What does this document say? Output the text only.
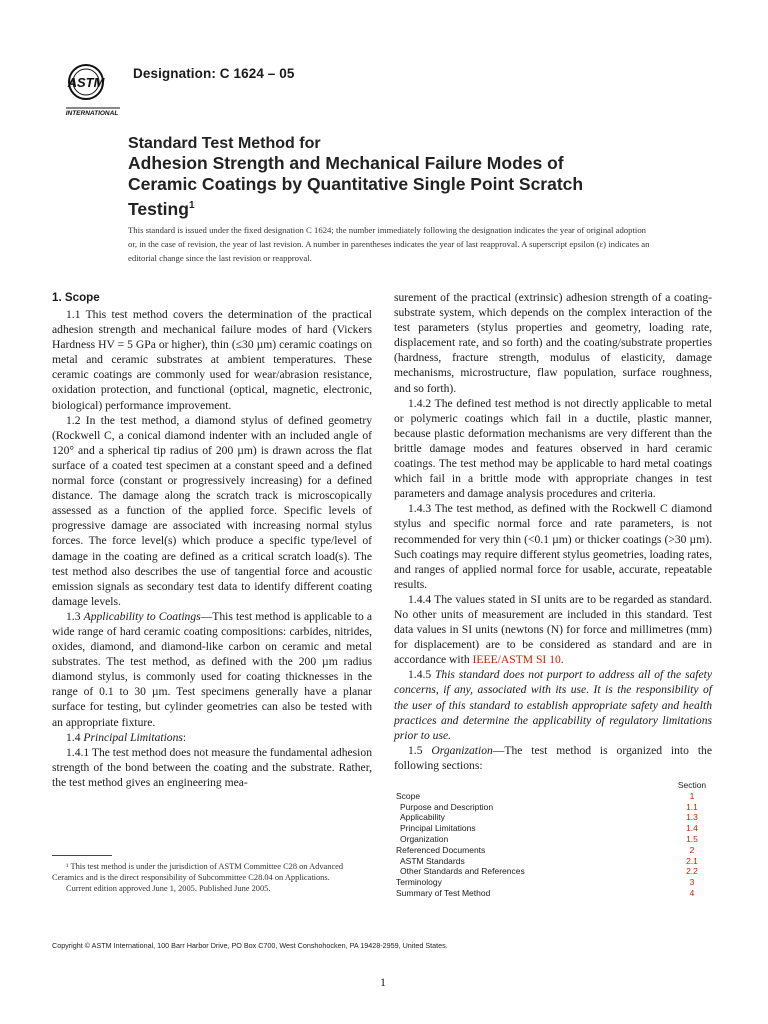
ASTM
INTERNATIONAL
Designation: C 1624 – 05
Standard Test Method for
Adhesion Strength and Mechanical Failure Modes of
Ceramic Coatings by Quantitative Single Point Scratch
Testing$^1$
This standard is issued under the fixed designation C 1624; the number immediately following the designation indicates the year of original adoption or, in the case of revision, the year of last revision. A number in parentheses indicates the year of last reapproval. A superscript epsilon (ε) indicates an editorial change since the last revision or reapproval.
1. Scope

1.1 This test method covers the determination of the practical adhesion strength and mechanical failure modes of hard (Vickers Hardness HV = 5 GPa or higher), thin (≤30 µm) ceramic coatings on metal and ceramic substrates at ambient temperatures. These ceramic coatings are commonly used for wear/abrasion resistance, oxidation protection, and functional (optical, magnetic, electronic, biological) performance improvement.

1.2 In the test method, a diamond stylus of defined geometry (Rockwell C, a conical diamond indenter with an included angle of 120° and a spherical tip radius of 200 µm) is drawn across the flat surface of a coated test specimen at a constant speed and a defined normal force (constant or progressively increasing) for a defined distance. The damage along the scratch track is microscopically assessed as a function of the applied force. Specific levels of progressive damage are associated with increasing normal stylus forces. The force level(s) which produce a specific type/level of damage in the coating are defined as a critical scratch load(s). The test method also describes the use of tangential force and acoustic emission signals as secondary test data to identify different coating damage levels.

1.3 Applicability to Coatings—This test method is applicable to a wide range of hard ceramic coating compositions: carbides, nitrides, oxides, diamond, and diamond-like carbon on ceramic and metal substrates. The test method, as defined with the 200 µm radius diamond stylus, is commonly used for coating thicknesses in the range of 0.1 to 30 µm. Test specimens generally have a planar surface for testing, but cylinder geometries can also be tested with an appropriate fixture.

1.4 Principal Limitations:

1.4.1 The test method does not measure the fundamental adhesion strength of the bond between the coating and the substrate. Rather, the test method gives an engineering mea-

surement of the practical (extrinsic) adhesion strength of a coating-substrate system, which depends on the complex interaction of the test parameters (stylus properties and geometry, loading rate, displacement rate, and so forth) and the coating/substrate properties (hardness, fracture strength, modulus of elasticity, damage mechanisms, microstructure, flaw population, surface roughness, and so forth).

1.4.2 The defined test method is not directly applicable to metal or polymeric coatings which fail in a ductile, plastic manner, because plastic deformation mechanisms are very different than the brittle damage modes and features observed in hard ceramic coatings. The test method may be applicable to hard metal coatings which fail in a brittle mode with appropriate changes in test parameters and damage analysis procedures and criteria.

1.4.3 The test method, as defined with the Rockwell C diamond stylus and specific normal force and rate parameters, is not recommended for very thin (<0.1 µm) or thicker coatings (>30 µm). Such coatings may require different stylus geometries, loading rates, and ranges of applied normal force for usable, accurate, repeatable results.

1.4.4 The values stated in SI units are to be regarded as standard. No other units of measurement are included in this standard. Test data values in SI units (newtons (N) for force and millimetres (mm) for displacement) are to be considered as standard and are in accordance with IEEE/ASTM SI 10.

1.4.5 This standard does not purport to address all of the safety concerns, if any, associated with its use. It is the responsibility of the user of this standard to establish appropriate safety and health practices and determine the applicability of regulatory limitations prior to use.

1.5 Organization—The test method is organized into the following sections:

Section
Scope	1
Purpose and Description	1.1
Applicability	1.3
Principal Limitations	1.4
Organization	1.5
Referenced Documents	2
ASTM Standards	2.1
Other Standards and References	2.2
Terminology	3
Summary of Test Method	4

¹ This test method is under the jurisdiction of ASTM Committee C28 on Advanced Ceramics and is the direct responsibility of Subcommittee C28.04 on Applications.

Current edition approved June 1, 2005. Published June 2005.

Copyright © ASTM International, 100 Barr Harbor Drive, PO Box C700, West Conshohocken, PA 19428-2959, United States.
1
